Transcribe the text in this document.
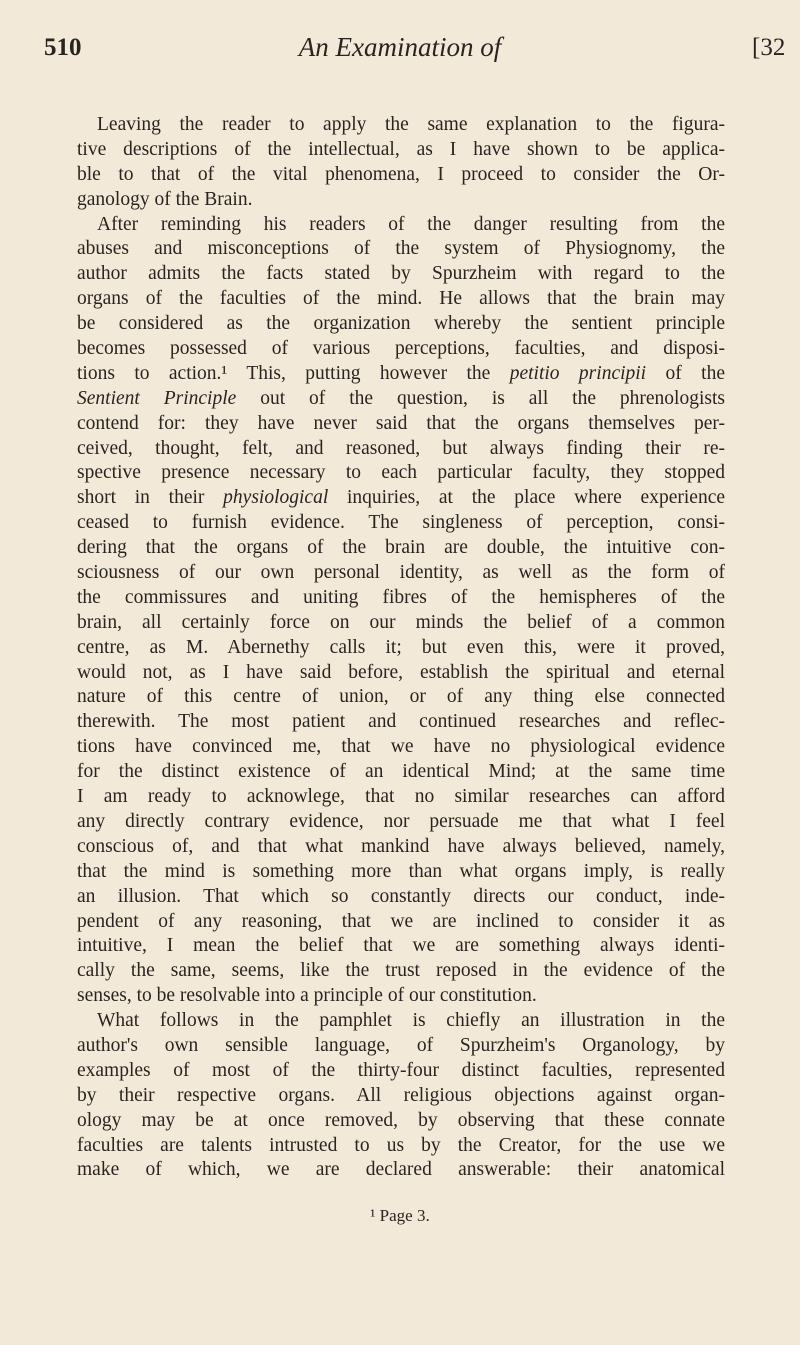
510	An Examination of	[32
Leaving the reader to apply the same explanation to the figura-
tive descriptions of the intellectual, as I have shown to be applica-
ble to that of the vital phenomena, I proceed to consider the Or-
ganology of the Brain.
After reminding his readers of the danger resulting from the
abuses and misconceptions of the system of Physiognomy, the
author admits the facts stated by Spurzheim with regard to the
organs of the faculties of the mind. He allows that the brain may
be considered as the organization whereby the sentient principle
becomes possessed of various perceptions, faculties, and disposi-
tions to action.¹ This, putting however the petitio principii of the
Sentient Principle out of the question, is all the phrenologists
contend for: they have never said that the organs themselves per-
ceived, thought, felt, and reasoned, but always finding their re-
spective presence necessary to each particular faculty, they stopped
short in their physiological inquiries, at the place where experience
ceased to furnish evidence. The singleness of perception, consi-
dering that the organs of the brain are double, the intuitive con-
sciousness of our own personal identity, as well as the form of
the commissures and uniting fibres of the hemispheres of the
brain, all certainly force on our minds the belief of a common
centre, as M. Abernethy calls it; but even this, were it proved,
would not, as I have said before, establish the spiritual and eternal
nature of this centre of union, or of any thing else connected
therewith. The most patient and continued researches and reflec-
tions have convinced me, that we have no physiological evidence
for the distinct existence of an identical Mind; at the same time
I am ready to acknowlege, that no similar researches can afford
any directly contrary evidence, nor persuade me that what I feel
conscious of, and that what mankind have always believed, namely,
that the mind is something more than what organs imply, is really
an illusion. That which so constantly directs our conduct, inde-
pendent of any reasoning, that we are inclined to consider it as
intuitive, I mean the belief that we are something always identi-
cally the same, seems, like the trust reposed in the evidence of the
senses, to be resolvable into a principle of our constitution.
What follows in the pamphlet is chiefly an illustration in the
author's own sensible language, of Spurzheim's Organology, by
examples of most of the thirty-four distinct faculties, represented
by their respective organs. All religious objections against organ-
ology may be at once removed, by observing that these connate
faculties are talents intrusted to us by the Creator, for the use we
make of which, we are declared answerable: their anatomical
¹ Page 3.
